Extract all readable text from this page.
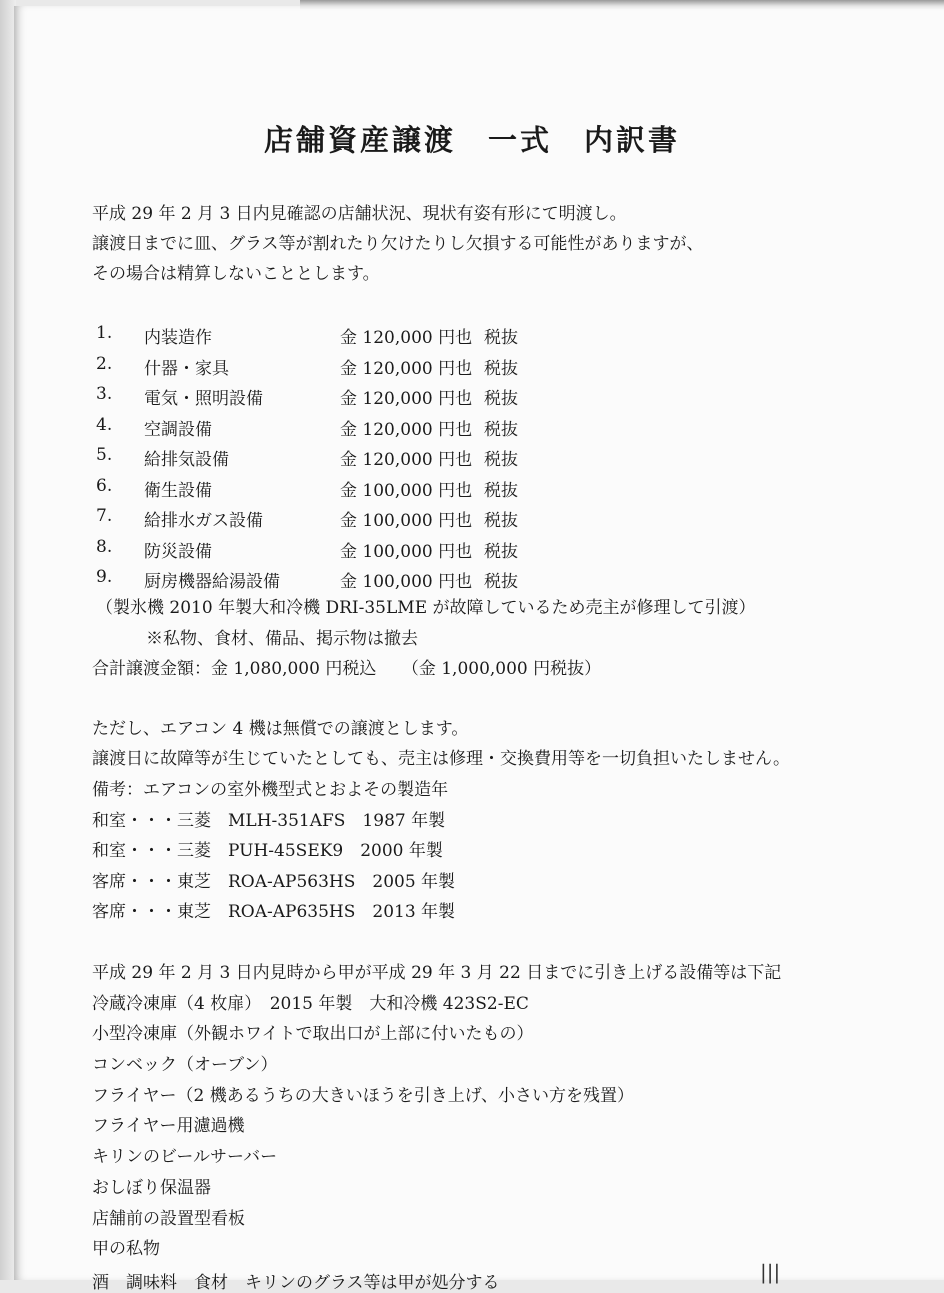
店舗資産譲渡　一式　内訳書
平成 29 年 2 月 3 日内見確認の店舗状況、現状有姿有形にて明渡し。
譲渡日までに皿、グラス等が割れたり欠けたりし欠損する可能性がありますが、
その場合は精算しないこととします。
1. 内装造作	金 120,000 円也 税抜
2. 什器・家具	金 120,000 円也 税抜
3. 電気・照明設備	金 120,000 円也 税抜
4. 空調設備	金 120,000 円也 税抜
5. 給排気設備	金 120,000 円也 税抜
6. 衛生設備	金 100,000 円也 税抜
7. 給排水ガス設備	金 100,000 円也 税抜
8. 防災設備	金 100,000 円也 税抜
9. 厨房機器給湯設備	金 100,000 円也 税抜
（製氷機 2010 年製大和冷機 DRI-35LME が故障しているため売主が修理して引渡）
※私物、食材、備品、掲示物は撤去
合計譲渡金額：金 1,080,000 円税込　　（金 1,000,000 円税抜）
ただし、エアコン 4 機は無償での譲渡とします。
譲渡日に故障等が生じていたとしても、売主は修理・交換費用等を一切負担いたしません。
備考：エアコンの室外機型式とおよその製造年
和室・・・三菱　MLH-351AFS　1987 年製
和室・・・三菱　PUH-45SEK9　2000 年製
客席・・・東芝　ROA-AP563HS　2005 年製
客席・・・東芝　ROA-AP635HS　2013 年製
平成 29 年 2 月 3 日内見時から甲が平成 29 年 3 月 22 日までに引き上げる設備等は下記
冷蔵冷凍庫（4 枚扉）　2015 年製　大和冷機 423S2-EC
小型冷凍庫（外観ホワイトで取出口が上部に付いたもの）
コンベック（オーブン）
フライヤー（2 機あるうちの大きいほうを引き上げ、小さい方を残置）
フライヤー用濾過機
キリンのビールサーバー
おしぼり保温器
店舗前の設置型看板
甲の私物
酒　調味料　食材　キリンのグラス等は甲が処分する	|||
